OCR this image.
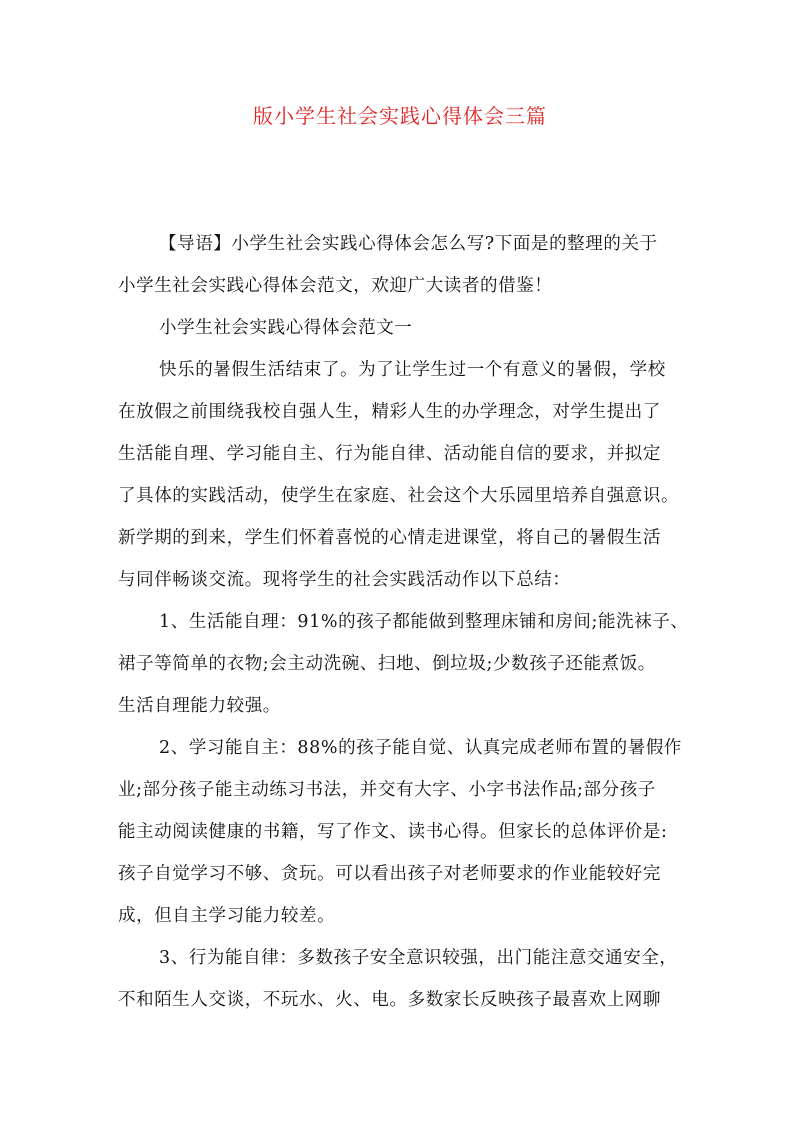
版小学生社会实践心得体会三篇
【导语】小学生社会实践心得体会怎么写?下面是的整理的关于
小学生社会实践心得体会范文，欢迎广大读者的借鉴！
小学生社会实践心得体会范文一
快乐的暑假生活结束了。为了让学生过一个有意义的暑假，学校
在放假之前围绕我校自强人生，精彩人生的办学理念，对学生提出了
生活能自理、学习能自主、行为能自律、活动能自信的要求，并拟定
了具体的实践活动，使学生在家庭、社会这个大乐园里培养自强意识。
新学期的到来，学生们怀着喜悦的心情走进课堂，将自己的暑假生活
与同伴畅谈交流。现将学生的社会实践活动作以下总结：
1、生活能自理：91%的孩子都能做到整理床铺和房间;能洗袜子、
裙子等简单的衣物;会主动洗碗、扫地、倒垃圾;少数孩子还能煮饭。
生活自理能力较强。
2、学习能自主：88%的孩子能自觉、认真完成老师布置的暑假作
业;部分孩子能主动练习书法，并交有大字、小字书法作品;部分孩子
能主动阅读健康的书籍，写了作文、读书心得。但家长的总体评价是:
孩子自觉学习不够、贪玩。可以看出孩子对老师要求的作业能较好完
成，但自主学习能力较差。
3、行为能自律：多数孩子安全意识较强，出门能注意交通安全，
不和陌生人交谈，不玩水、火、电。多数家长反映孩子最喜欢上网聊
